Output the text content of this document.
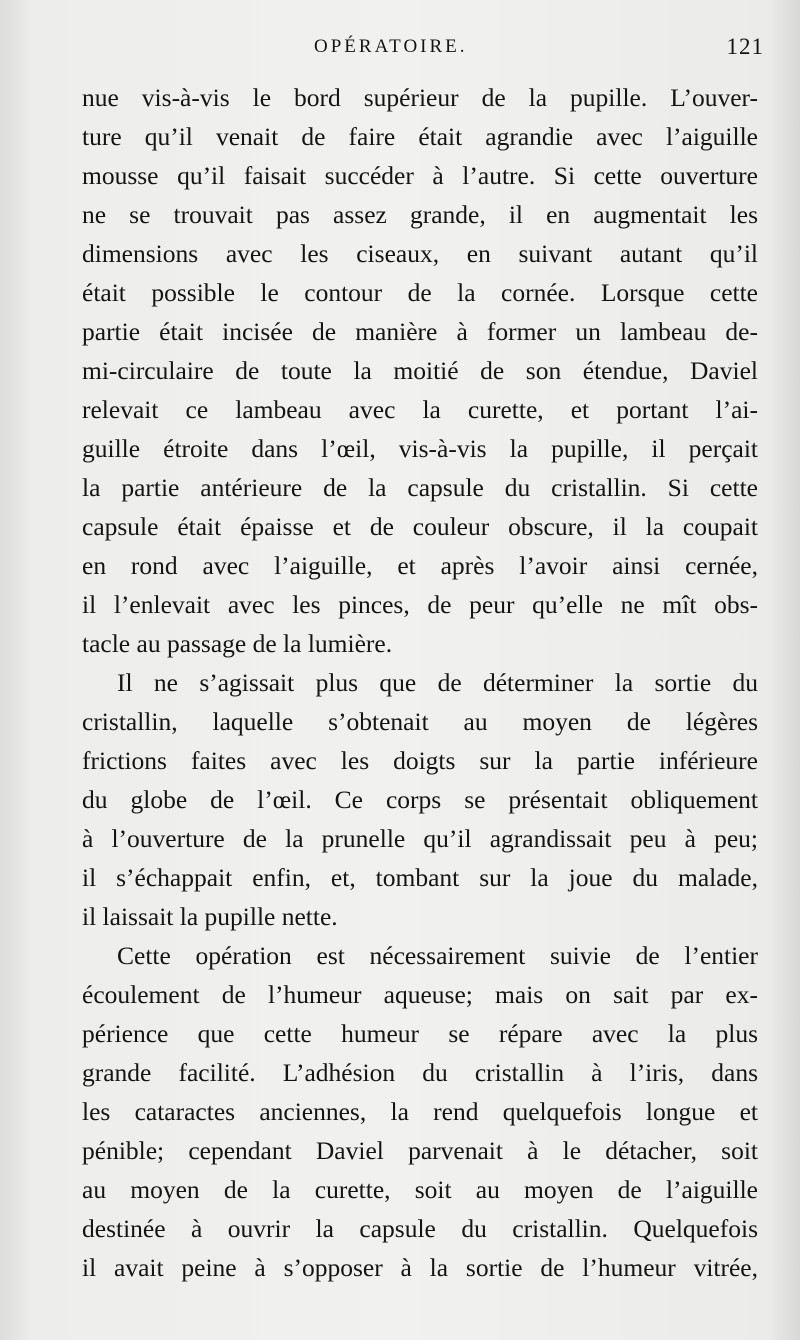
OPÉRATOIRE.	121
nue vis-à-vis le bord supérieur de la pupille. L’ouver-
ture qu’il venait de faire était agrandie avec l’aiguille
mousse qu’il faisait succéder à l’autre. Si cette ouverture
ne se trouvait pas assez grande, il en augmentait les
dimensions avec les ciseaux, en suivant autant qu’il
était possible le contour de la cornée. Lorsque cette
partie était incisée de manière à former un lambeau de-
mi-circulaire de toute la moitié de son étendue, Daviel
relevait ce lambeau avec la curette, et portant l’ai-
guille étroite dans l’œil, vis-à-vis la pupille, il perçait
la partie antérieure de la capsule du cristallin. Si cette
capsule était épaisse et de couleur obscure, il la coupait
en rond avec l’aiguille, et après l’avoir ainsi cernée,
il l’enlevait avec les pinces, de peur qu’elle ne mît obs-
tacle au passage de la lumière.
Il ne s’agissait plus que de déterminer la sortie du
cristallin, laquelle s’obtenait au moyen de légères
frictions faites avec les doigts sur la partie inférieure
du globe de l’œil. Ce corps se présentait obliquement
à l’ouverture de la prunelle qu’il agrandissait peu à peu;
il s’échappait enfin, et, tombant sur la joue du malade,
il laissait la pupille nette.
Cette opération est nécessairement suivie de l’entier
écoulement de l’humeur aqueuse; mais on sait par ex-
périence que cette humeur se répare avec la plus
grande facilité. L’adhésion du cristallin à l’iris, dans
les cataractes anciennes, la rend quelquefois longue et
pénible; cependant Daviel parvenait à le détacher, soit
au moyen de la curette, soit au moyen de l’aiguille
destinée à ouvrir la capsule du cristallin. Quelquefois
il avait peine à s’opposer à la sortie de l’humeur vitrée,
